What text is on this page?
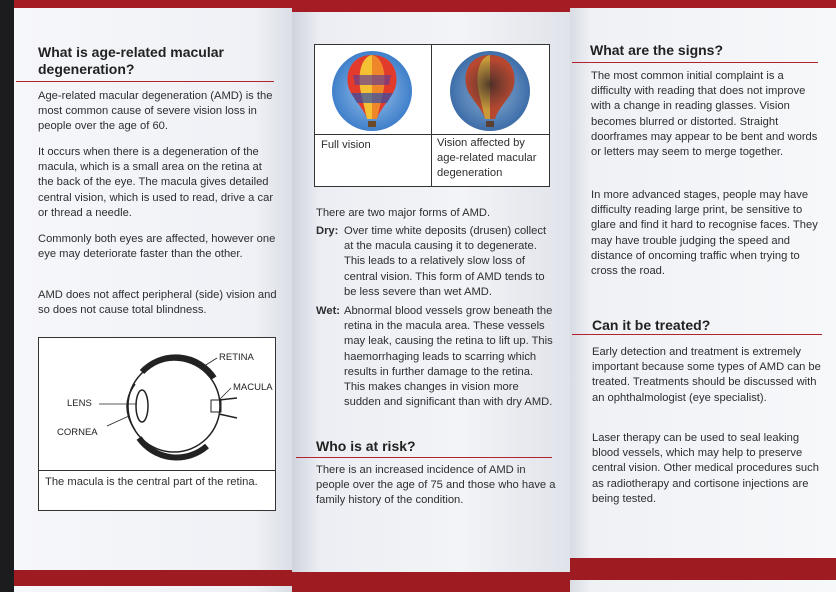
What is age-related macular degeneration?

Age-related macular degeneration (AMD) is the most common cause of severe vision loss in people over the age of 60.

It occurs when there is a degeneration of the macula, which is a small area on the retina at the back of the eye. The macula gives detailed central vision, which is used to read, drive a car or thread a needle.

Commonly both eyes are affected, however one eye may deteriorate faster than the other.

AMD does not affect peripheral (side) vision and so does not cause total blindness.

RETINA
MACULA
LENS
CORNEA

The macula is the central part of the retina.

Full vision	Vision affected by age-related macular degeneration

There are two major forms of AMD.

Dry: Over time white deposits (drusen) collect at the macula causing it to degenerate. This leads to a relatively slow loss of central vision. This form of AMD tends to be less severe than wet AMD.
Wet: Abnormal blood vessels grow beneath the retina in the macula area. These vessels may leak, causing the retina to lift up. This haemorrhaging leads to scarring which results in further damage to the retina. This makes changes in vision more sudden and significant than with dry AMD.
Who is at risk?

There is an increased incidence of AMD in people over the age of 75 and those who have a family history of the condition.

What are the signs?

The most common initial complaint is a difficulty with reading that does not improve with a change in reading glasses. Vision becomes blurred or distorted. Straight doorframes may appear to be bent and words or letters may seem to merge together.

In more advanced stages, people may have difficulty reading large print, be sensitive to glare and find it hard to recognise faces. They may have trouble judging the speed and distance of oncoming traffic when trying to cross the road.

Can it be treated?

Early detection and treatment is extremely important because some types of AMD can be treated. Treatments should be discussed with an ophthalmologist (eye specialist).

Laser therapy can be used to seal leaking blood vessels, which may help to preserve central vision. Other medical procedures such as radiotherapy and cortisone injections are being tested.
